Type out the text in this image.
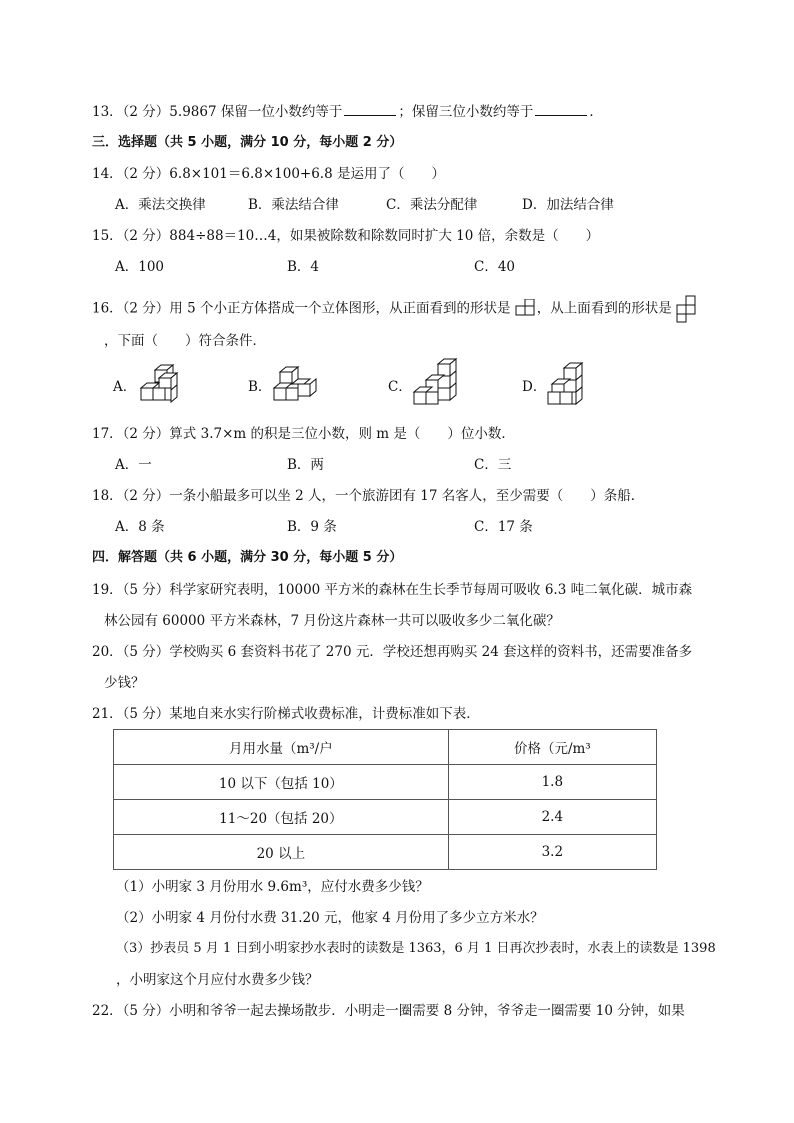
13．（2 分）5.9867 保留一位小数约等于	；保留三位小数约等于	．
三．选择题（共 5 小题，满分 10 分，每小题 2 分）
14．（2 分）6.8×101＝6.8×100+6.8 是运用了（　　）
A．乘法交换律	B．乘法结合律	C．乘法分配律	D．加法结合律
15．（2 分）884÷88＝10…4，如果被除数和除数同时扩大 10 倍，余数是（　　）
A．100	B．4	C．40
16．（2 分）用 5 个小正方体搭成一个立体图形，从正面看到的形状是 ，从上面看到的形状是
，下面（　　）符合条件．
A．	B．	C．	D．
17．（2 分）算式 3.7×m 的积是三位小数，则 m 是（　　）位小数．
A．一	B．两	C．三
18．（2 分）一条小船最多可以坐 2 人，一个旅游团有 17 名客人，至少需要（　　）条船．
A．8 条	B．9 条	C．17 条
四．解答题（共 6 小题，满分 30 分，每小题 5 分）
19．（5 分）科学家研究表明，10000 平方米的森林在生长季节每周可吸收 6.3 吨二氧化碳．城市森
林公园有 60000 平方米森林，7 月份这片森林一共可以吸收多少二氧化碳？
20．（5 分）学校购买 6 套资料书花了 270 元．学校还想再购买 24 套这样的资料书，还需要准备多
少钱？
21．（5 分）某地自来水实行阶梯式收费标准，计费标准如下表．
月用水量（m³/户	价格（元/m³
10 以下（包括 10）	1.8
11～20（包括 20）	2.4
20 以上	3.2
（1）小明家 3 月份用水 9.6m³，应付水费多少钱？
（2）小明家 4 月份付水费 31.20 元，他家 4 月份用了多少立方米水？
（3）抄表员 5 月 1 日到小明家抄水表时的读数是 1363，6 月 1 日再次抄表时，水表上的读数是 1398
，小明家这个月应付水费多少钱？
22．（5 分）小明和爷爷一起去操场散步．小明走一圈需要 8 分钟，爷爷走一圈需要 10 分钟，如果
